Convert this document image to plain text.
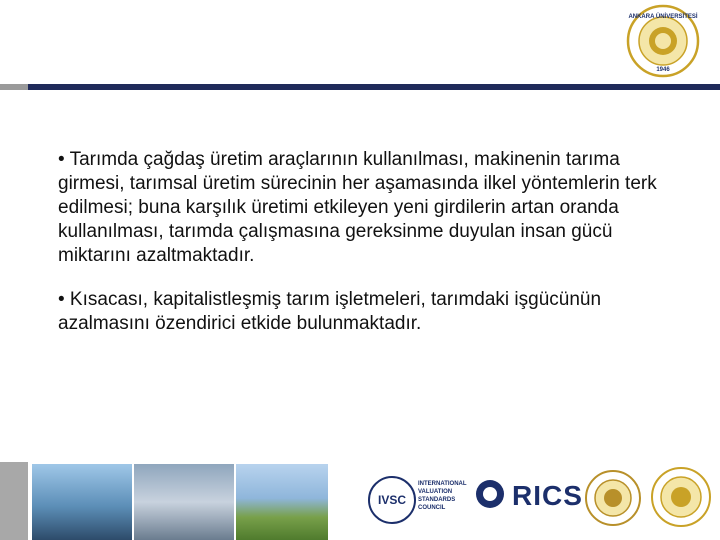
ANKARA ÜNİVERSİTESİ
1946

• Tarımda çağdaş üretim araçlarının kullanılması, makinenin tarıma girmesi, tarımsal üretim sürecinin her aşamasında ilkel yöntemlerin terk edilmesi; buna karşılık üretimi etkileyen yeni girdilerin artan oranda kullanılması, tarımda çalışmasına gereksinme duyulan insan gücü miktarını azaltmaktadır.

• Kısacası, kapitalistleşmiş tarım işletmeleri, tarımdaki işgücünün azalmasını özendirici etkide bulunmaktadır.

IVSC
INTERNATIONAL VALUATION STANDARDS COUNCIL	RICS
